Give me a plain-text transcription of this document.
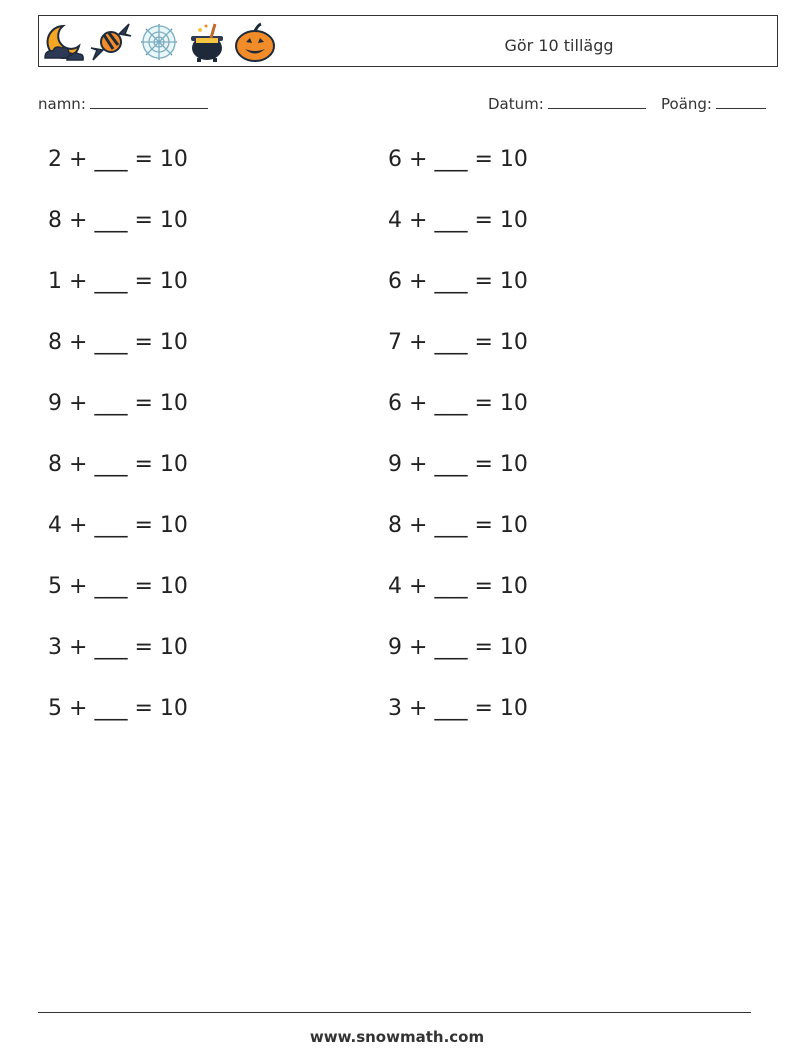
Gör 10 tillägg
namn:	Datum:	Poäng:
2 + ___ = 10
8 + ___ = 10
1 + ___ = 10
8 + ___ = 10
9 + ___ = 10
8 + ___ = 10
4 + ___ = 10
5 + ___ = 10
3 + ___ = 10
5 + ___ = 10
6 + ___ = 10
4 + ___ = 10
6 + ___ = 10
7 + ___ = 10
6 + ___ = 10
9 + ___ = 10
8 + ___ = 10
4 + ___ = 10
9 + ___ = 10
3 + ___ = 10
www.snowmath.com
